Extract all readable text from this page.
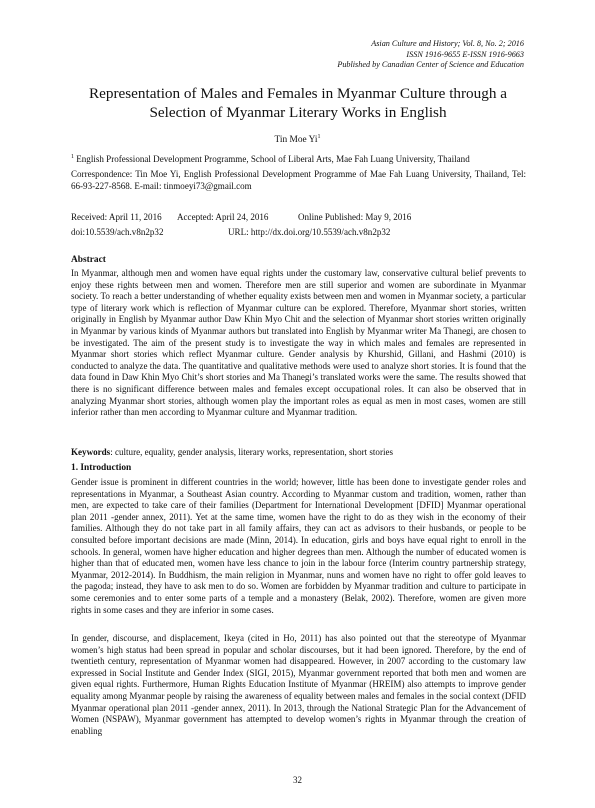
Asian Culture and History; Vol. 8, No. 2; 2016
ISSN 1916-9655 E-ISSN 1916-9663
Published by Canadian Center of Science and Education
Representation of Males and Females in Myanmar Culture through a Selection of Myanmar Literary Works in English
Tin Moe Yi$^1$
$^1$ English Professional Development Programme, School of Liberal Arts, Mae Fah Luang University, Thailand
Correspondence: Tin Moe Yi, English Professional Development Programme of Mae Fah Luang University, Thailand, Tel: 66-93-227-8568. E-mail: tinmoeyi73@gmail.com
Received: April 11, 2016 Accepted: April 24, 2016	Online Published: May 9, 2016
doi:10.5539/ach.v8n2p32	URL: http://dx.doi.org/10.5539/ach.v8n2p32
Abstract
In Myanmar, although men and women have equal rights under the customary law, conservative cultural belief prevents to enjoy these rights between men and women. Therefore men are still superior and women are subordinate in Myanmar society. To reach a better understanding of whether equality exists between men and women in Myanmar society, a particular type of literary work which is reflection of Myanmar culture can be explored. Therefore, Myanmar short stories, written originally in English by Myanmar author Daw Khin Myo Chit and the selection of Myanmar short stories written originally in Myanmar by various kinds of Myanmar authors but translated into English by Myanmar writer Ma Thanegi, are chosen to be investigated. The aim of the present study is to investigate the way in which males and females are represented in Myanmar short stories which reflect Myanmar culture. Gender analysis by Khurshid, Gillani, and Hashmi (2010) is conducted to analyze the data. The quantitative and qualitative methods were used to analyze short stories. It is found that the data found in Daw Khin Myo Chit’s short stories and Ma Thanegi’s translated works were the same. The results showed that there is no significant difference between males and females except occupational roles. It can also be observed that in analyzing Myanmar short stories, although women play the important roles as equal as men in most cases, women are still inferior rather than men according to Myanmar culture and Myanmar tradition.
Keywords: culture, equality, gender analysis, literary works, representation, short stories
1. Introduction
Gender issue is prominent in different countries in the world; however, little has been done to investigate gender roles and representations in Myanmar, a Southeast Asian country. According to Myanmar custom and tradition, women, rather than men, are expected to take care of their families (Department for International Development [DFID] Myanmar operational plan 2011 -gender annex, 2011). Yet at the same time, women have the right to do as they wish in the economy of their families. Although they do not take part in all family affairs, they can act as advisors to their husbands, or people to be consulted before important decisions are made (Minn, 2014). In education, girls and boys have equal right to enroll in the schools. In general, women have higher education and higher degrees than men. Although the number of educated women is higher than that of educated men, women have less chance to join in the labour force (Interim country partnership strategy, Myanmar, 2012-2014). In Buddhism, the main religion in Myanmar, nuns and women have no right to offer gold leaves to the pagoda; instead, they have to ask men to do so. Women are forbidden by Myanmar tradition and culture to participate in some ceremonies and to enter some parts of a temple and a monastery (Belak, 2002). Therefore, women are given more rights in some cases and they are inferior in some cases.
In gender, discourse, and displacement, Ikeya (cited in Ho, 2011) has also pointed out that the stereotype of Myanmar women’s high status had been spread in popular and scholar discourses, but it had been ignored. Therefore, by the end of twentieth century, representation of Myanmar women had disappeared. However, in 2007 according to the customary law expressed in Social Institute and Gender Index (SIGI, 2015), Myanmar government reported that both men and women are given equal rights. Furthermore, Human Rights Education Institute of Myanmar (HREIM) also attempts to improve gender equality among Myanmar people by raising the awareness of equality between males and females in the social context (DFID Myanmar operational plan 2011 -gender annex, 2011). In 2013, through the National Strategic Plan for the Advancement of Women (NSPAW), Myanmar government has attempted to develop women’s rights in Myanmar through the creation of enabling
32
